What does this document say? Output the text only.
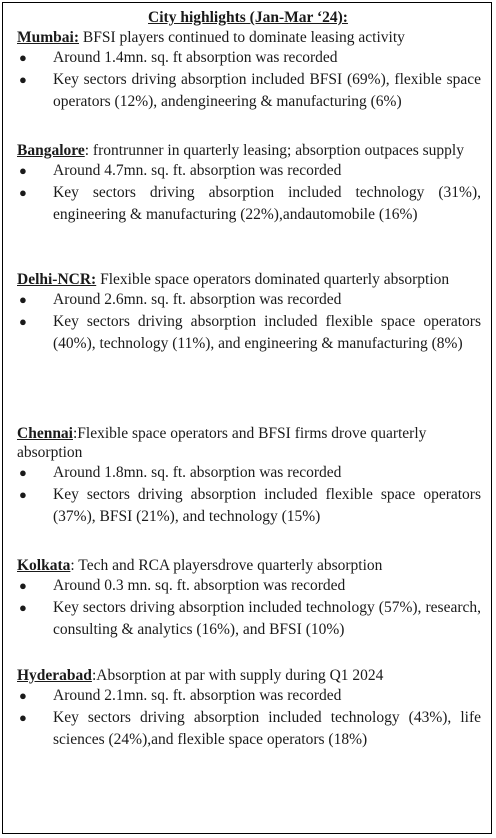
City highlights (Jan-Mar ‘24):

Mumbai: BFSI players continued to dominate leasing activity

● Around 1.4mn. sq. ft absorption was recorded
● Key sectors driving absorption included BFSI (69%), flexible space operators (12%), andengineering & manufacturing (6%)

Bangalore: frontrunner in quarterly leasing; absorption outpaces supply

● Around 4.7mn. sq. ft. absorption was recorded
● Key sectors driving absorption included technology (31%), engineering & manufacturing (22%),andautomobile (16%)

Delhi-NCR: Flexible space operators dominated quarterly absorption

● Around 2.6mn. sq. ft. absorption was recorded
● Key sectors driving absorption included flexible space operators (40%), technology (11%), and engineering & manufacturing (8%)

Chennai:Flexible space operators and BFSI firms drove quarterly absorption

● Around 1.8mn. sq. ft. absorption was recorded
● Key sectors driving absorption included flexible space operators (37%), BFSI (21%), and technology (15%)

Kolkata: Tech and RCA playersdrove quarterly absorption

● Around 0.3 mn. sq. ft. absorption was recorded
● Key sectors driving absorption included technology (57%), research, consulting & analytics (16%), and BFSI (10%)

Hyderabad:Absorption at par with supply during Q1 2024

● Around 2.1mn. sq. ft. absorption was recorded
● Key sectors driving absorption included technology (43%), life sciences (24%),and flexible space operators (18%)
